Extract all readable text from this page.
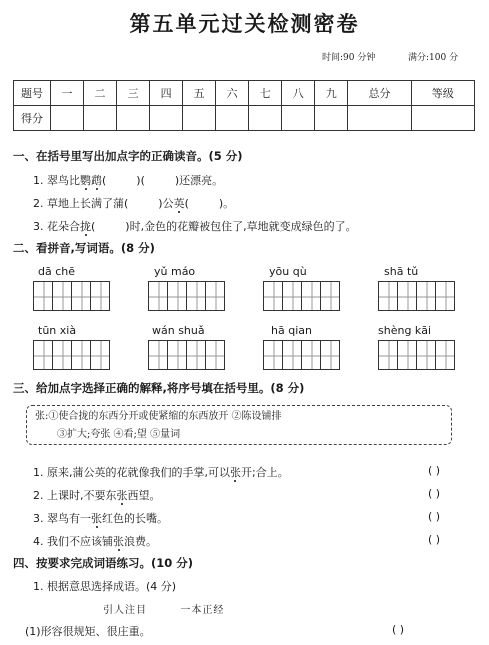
第五单元过关检测密卷
时间:90 分钟	满分:100 分
题号	一	二	三	四	五	六	七	八	九	总分	等级
得分											
一、在括号里写出加点字的正确读音。(5 分)
1. 翠鸟比鹦鹉(	)(	)还漂亮。
2. 草地上长满了蒲(	)公英(	)。
3. 花朵合拢(	)时,金色的花瓣被包住了,草地就变成绿色的了。
二、看拼音,写词语。(8 分)
dā chē	yǔ máo	yōu qù	shā tǔ
tūn xià	wán shuǎ	hā qian	shèng kāi
三、给加点字选择正确的解释,将序号填在括号里。(8 分)
张:①使合拢的东西分开或使紧缩的东西放开 ②陈设铺排
③扩大;夸张 ④看;望 ⑤量词
1. 原来,蒲公英的花就像我们的手掌,可以张开;合上。	( )
2. 上课时,不要东张西望。	( )
3. 翠鸟有一张红色的长嘴。	( )
4. 我们不应该铺张浪费。	( )
四、按要求完成词语练习。(10 分)
1. 根据意思选择成语。(4 分)
引人注目        一本正经
(1)形容很规矩、很庄重。	( )
